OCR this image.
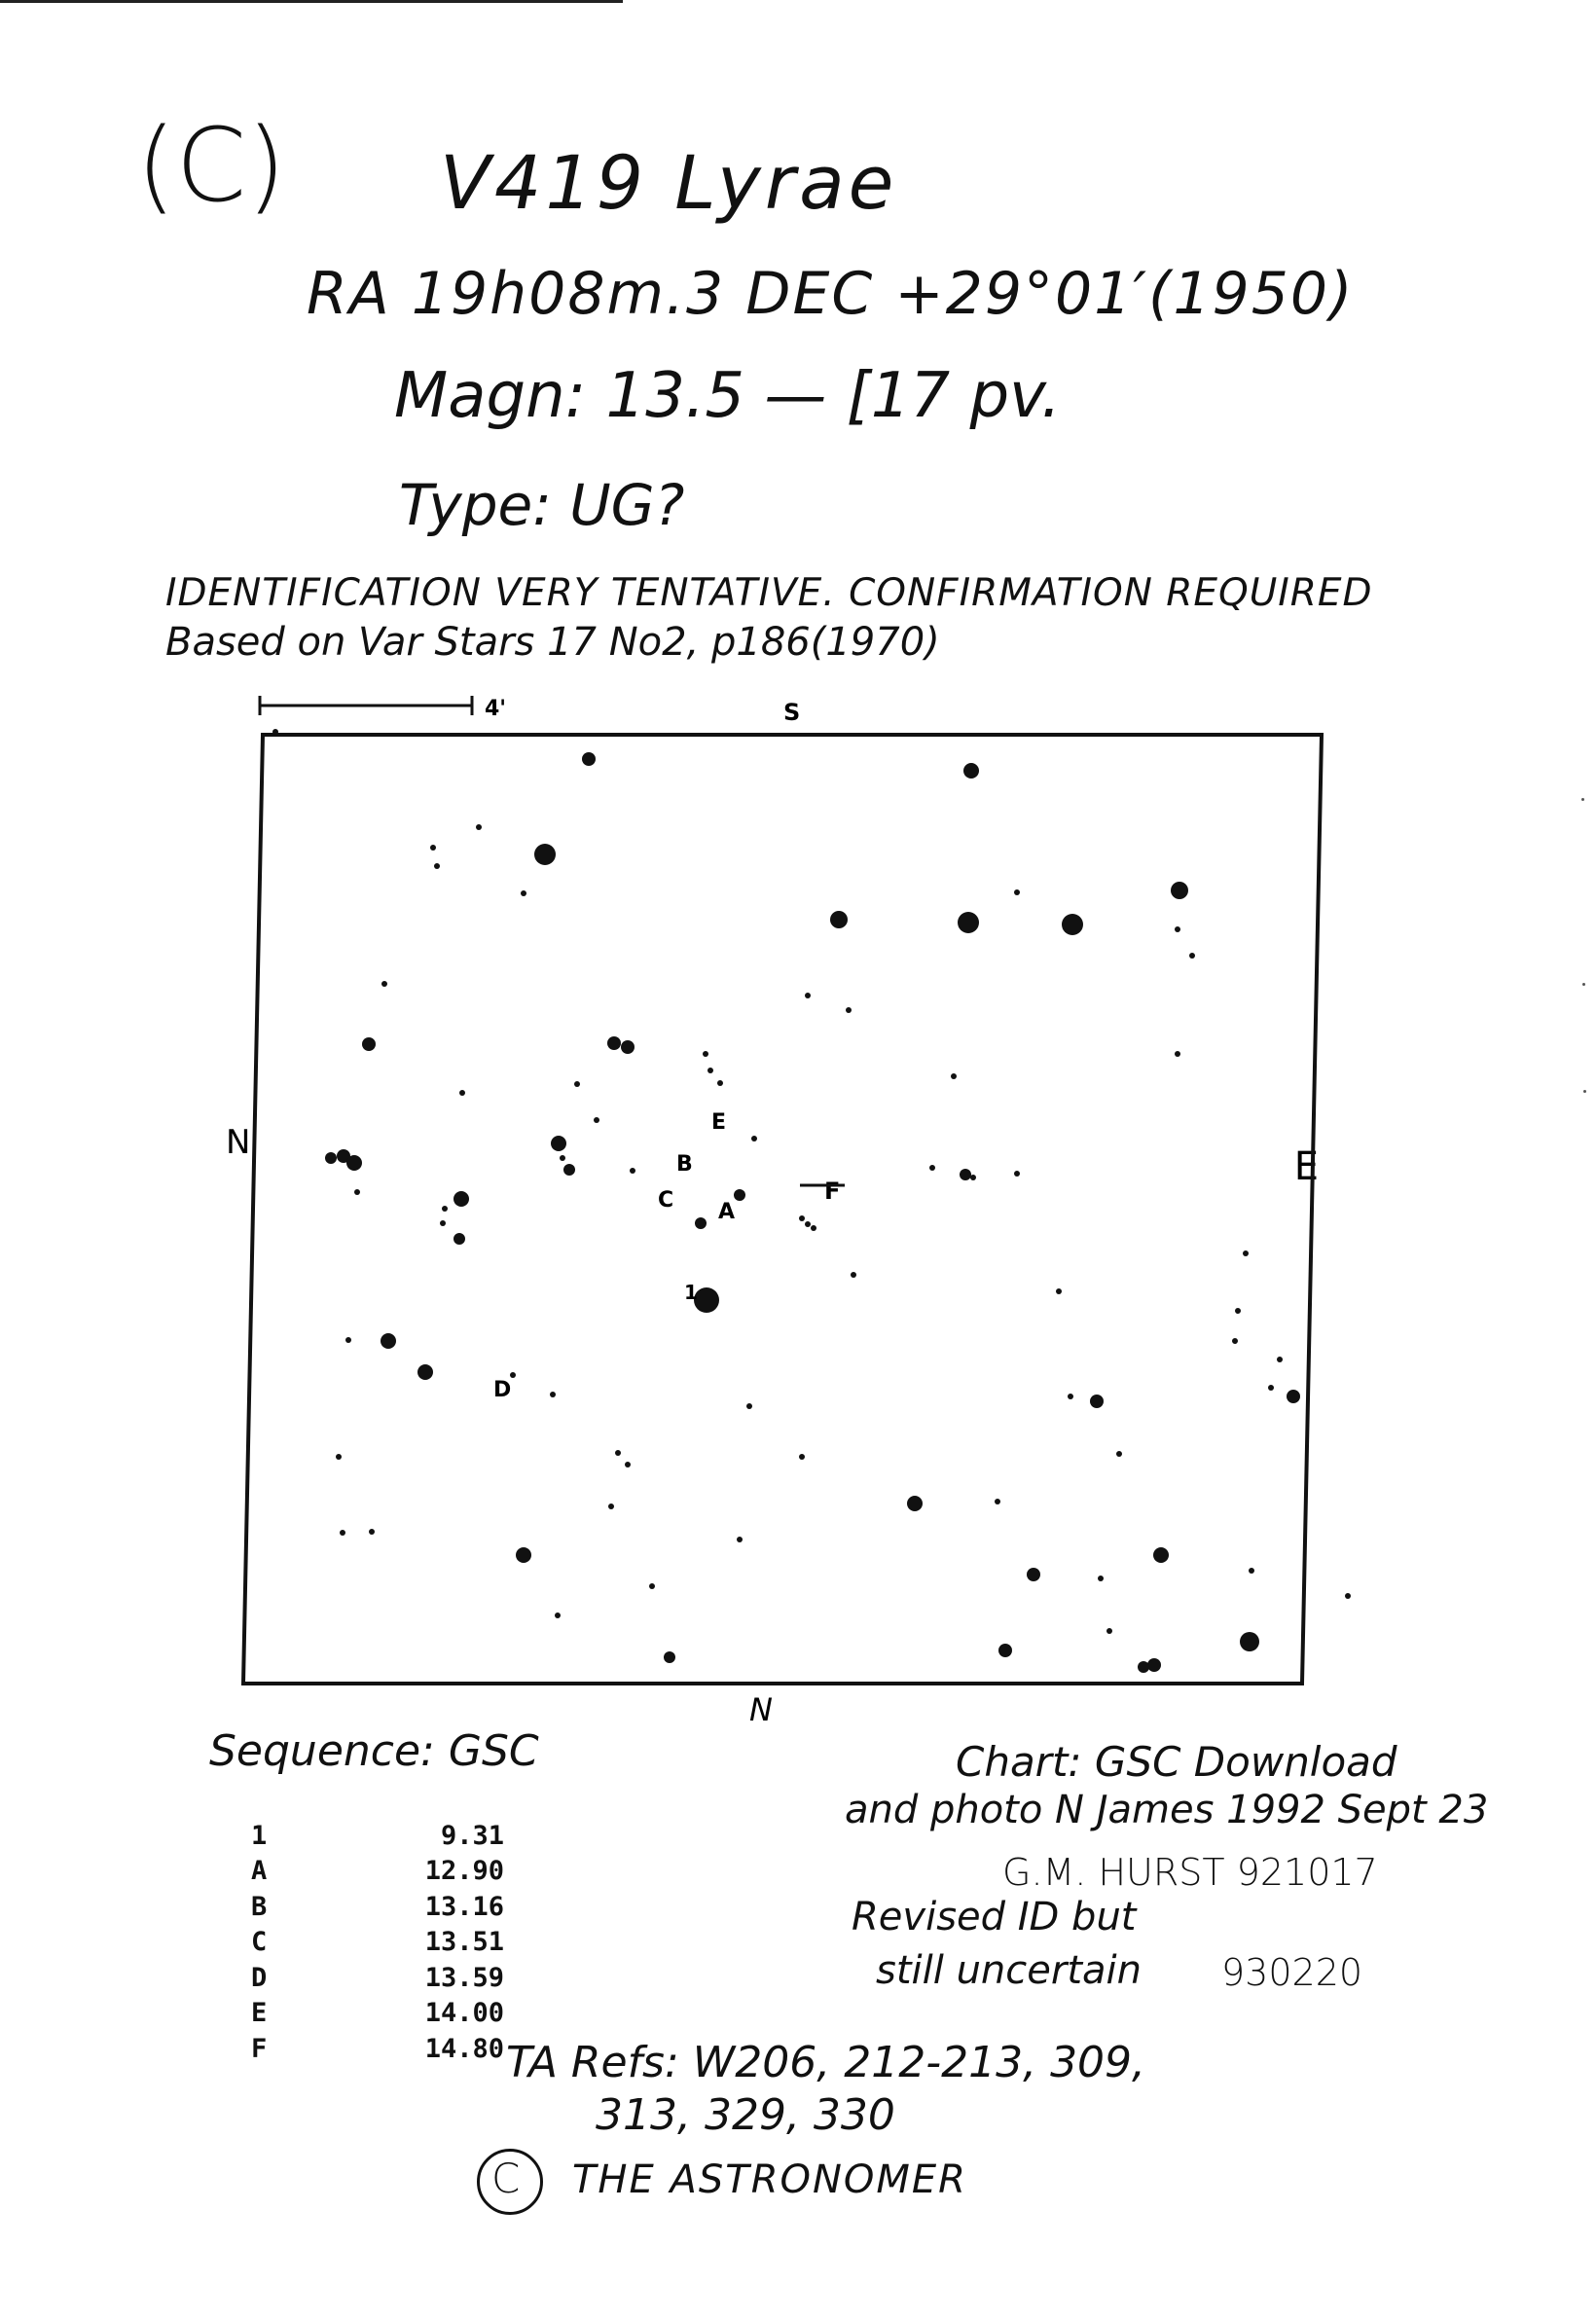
(C) V419 Lyrae
RA 19h08m.3 DEC +29°01′(1950)
Magn: 13.5 — [17 pv.
Type: UG?
IDENTIFICATION VERY TENTATIVE. CONFIRMATION REQUIRED
Based on Var Stars 17 No2, p186(1970)
4'	S
N
N
E
E
B
C A
F
D
1
Sequence: GSC
1	9.31
A	12.90
B	13.16
C	13.51
D	13.59
E	14.00
F	14.80
Chart: GSC Download
and photo N James 1992 Sept 23
G.M. HURST 921017
Revised ID but
still uncertain 930220
TA Refs: W206, 212-213, 309,
313, 329, 330
C THE ASTRONOMER
